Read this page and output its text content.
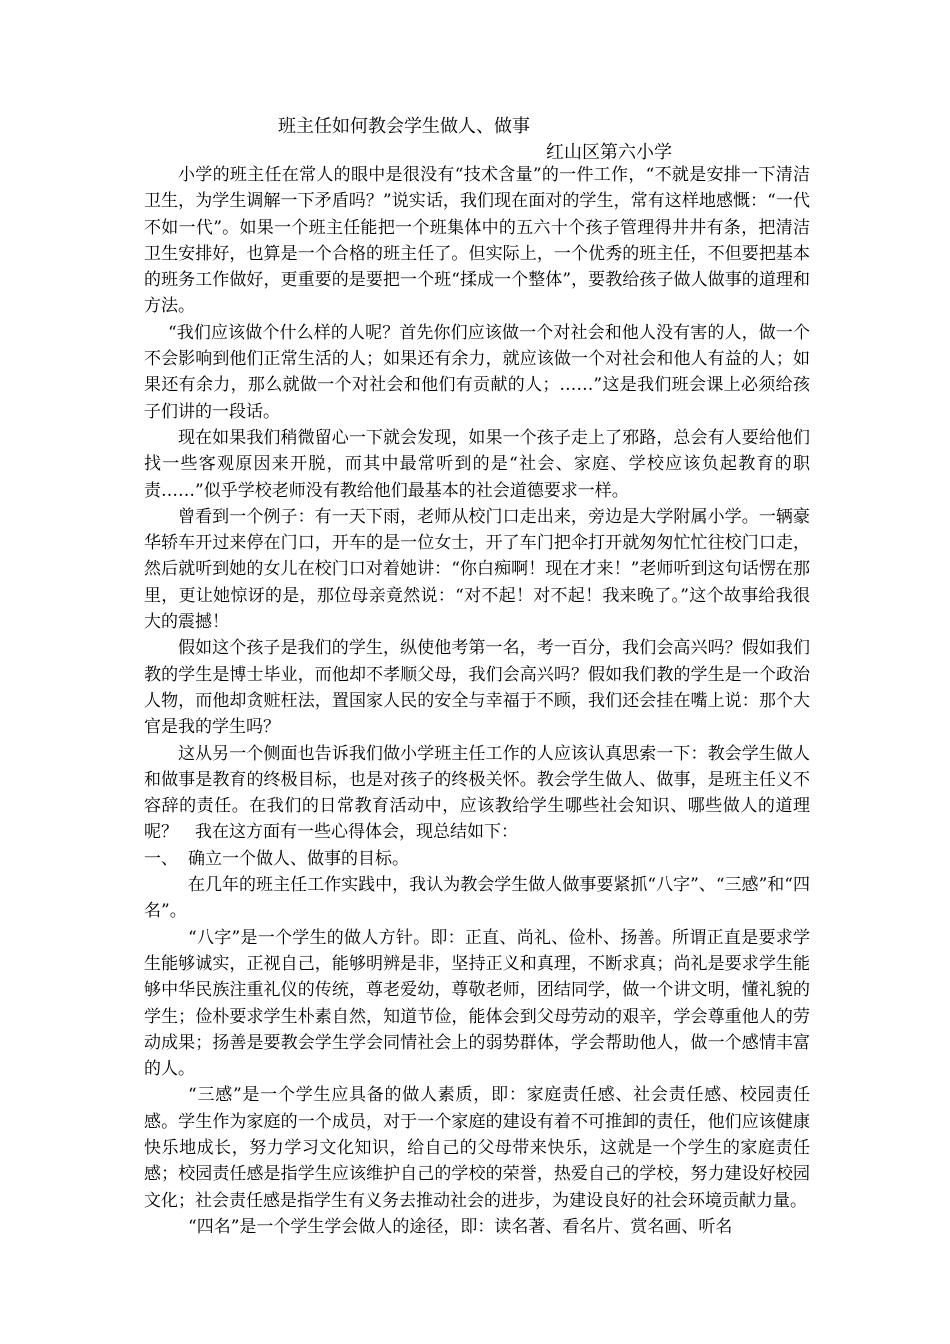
班主任如何教会学生做人、做事
红山区第六小学

小学的班主任在常人的眼中是很没有“技术含量”的一件工作，“不就是安排一下清洁卫生，为学生调解一下矛盾吗？”说实话，我们现在面对的学生，常有这样地感慨：“一代不如一代”。如果一个班主任能把一个班集体中的五六十个孩子管理得井井有条，把清洁卫生安排好，也算是一个合格的班主任了。但实际上，一个优秀的班主任，不但要把基本的班务工作做好，更重要的是要把一个班“揉成一个整体”，要教给孩子做人做事的道理和方法。

“我们应该做个什么样的人呢？首先你们应该做一个对社会和他人没有害的人，做一个不会影响到他们正常生活的人；如果还有余力，就应该做一个对社会和他人有益的人；如果还有余力，那么就做一个对社会和他们有贡献的人；……”这是我们班会课上必须给孩子们讲的一段话。

现在如果我们稍微留心一下就会发现，如果一个孩子走上了邪路，总会有人要给他们找一些客观原因来开脱，而其中最常听到的是“社会、家庭、学校应该负起教育的职责……”似乎学校老师没有教给他们最基本的社会道德要求一样。

曾看到一个例子：有一天下雨，老师从校门口走出来，旁边是大学附属小学。一辆豪华轿车开过来停在门口，开车的是一位女士，开了车门把伞打开就匆匆忙忙往校门口走，然后就听到她的女儿在校门口对着她讲：“你白痴啊！现在才来！”老师听到这句话愣在那里，更让她惊讶的是，那位母亲竟然说：“对不起！对不起！我来晚了。”这个故事给我很大的震撼！

假如这个孩子是我们的学生，纵使他考第一名，考一百分，我们会高兴吗？假如我们教的学生是博士毕业，而他却不孝顺父母，我们会高兴吗？假如我们教的学生是一个政治人物，而他却贪赃枉法，置国家人民的安全与幸福于不顾，我们还会挂在嘴上说：那个大官是我的学生吗？

这从另一个侧面也告诉我们做小学班主任工作的人应该认真思索一下：教会学生做人和做事是教育的终极目标，也是对孩子的终极关怀。教会学生做人、做事，是班主任义不容辞的责任。在我们的日常教育活动中，应该教给学生哪些社会知识、哪些做人的道理呢？　我在这方面有一些心得体会，现总结如下：

一、 确立一个做人、做事的目标。

在几年的班主任工作实践中，我认为教会学生做人做事要紧抓“八字”、“三感”和“四名”。

“八字”是一个学生的做人方针。即：正直、尚礼、俭朴、扬善。所谓正直是要求学生能够诚实，正视自己，能够明辨是非，坚持正义和真理，不断求真；尚礼是要求学生能够中华民族注重礼仪的传统，尊老爱幼，尊敬老师，团结同学，做一个讲文明，懂礼貌的学生；俭朴要求学生朴素自然，知道节俭，能体会到父母劳动的艰辛，学会尊重他人的劳动成果；扬善是要教会学生学会同情社会上的弱势群体，学会帮助他人，做一个感情丰富的人。

“三感”是一个学生应具备的做人素质，即：家庭责任感、社会责任感、校园责任感。学生作为家庭的一个成员，对于一个家庭的建设有着不可推卸的责任，他们应该健康快乐地成长，努力学习文化知识，给自己的父母带来快乐，这就是一个学生的家庭责任感；校园责任感是指学生应该维护自己的学校的荣誉，热爱自己的学校，努力建设好校园文化；社会责任感是指学生有义务去推动社会的进步，为建设良好的社会环境贡献力量。

“四名”是一个学生学会做人的途径，即：读名著、看名片、赏名画、听名
